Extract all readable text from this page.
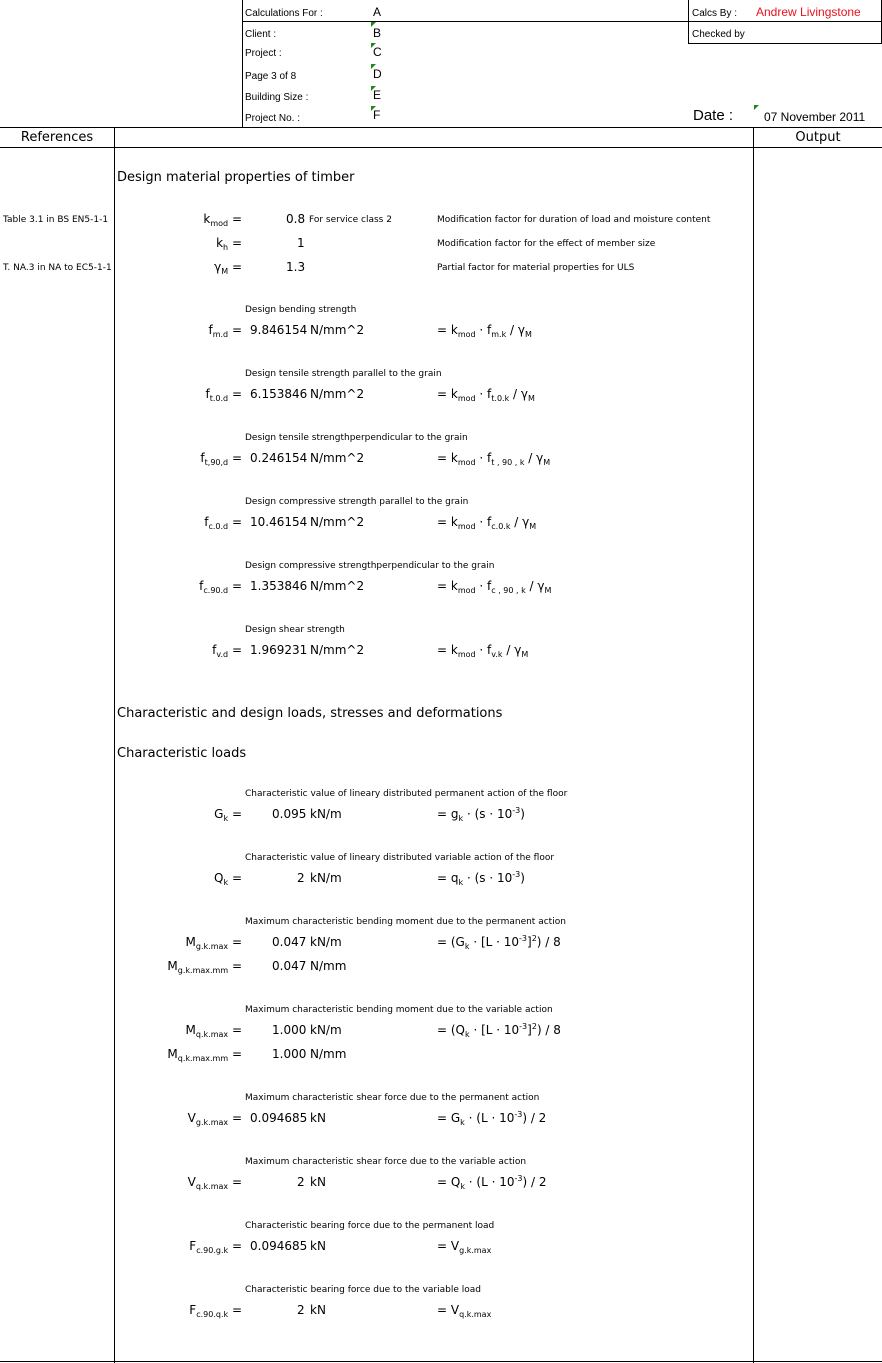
Calculations For :	A
Client :	B
Project :	C
Page 3 of 8	D
Building Size :	E
Project No. :	F
Calcs By : Andrew Livingstone
Checked by
Date :	07 November 2011
References	Output
Design material properties of timber
Table 3.1 in BS EN5-1-1	$k_{mod}$ =	0.8 For service class 2	Modification factor for duration of load and moisture content
$k_h$ =	1	Modification factor for the effect of member size
T. NA.3 in NA to EC5-1-1	$\gamma_M$ =	1.3	Partial factor for material properties for ULS
Design bending strength
$f_{m.d} = 9.846154$ N/mm^2	= $k_{mod} \cdot f_{m.k} / \gamma_M$
Design tensile strength parallel to the grain
$f_{t.0.d} = 6.153846$ N/mm^2	= $k_{mod} \cdot f_{t.0.k} / \gamma_M$
Design tensile strengthperpendicular to the grain
$f_{t,90,d} = 0.246154$ N/mm^2	= $k_{mod} \cdot f_{t , 90 , k} / \gamma_M$
Design compressive strength parallel to the grain
$f_{c.0.d} = 10.46154$ N/mm^2	= $k_{mod} \cdot f_{c.0.k} / \gamma_M$
Design compressive strengthperpendicular to the grain
$f_{c.90.d} = 1.353846$ N/mm^2	= $k_{mod} \cdot f_{c , 90 , k} / \gamma_M$
Design shear strength
$f_{v.d} = 1.969231$ N/mm^2	= $k_{mod} \cdot f_{v.k} / \gamma_M$
Characteristic and design loads, stresses and deformations
Characteristic loads
Characteristic value of lineary distributed permanent action of the floor
$G_k$ =	0.095 kN/m	= $g_k \cdot (s \cdot 10^{-3})$
Characteristic value of lineary distributed variable action of the floor
$Q_k$ =	2 kN/m	= $q_k \cdot (s \cdot 10^{-3})$
Maximum characteristic bending moment due to the permanent action
$M_{g.k.max}$ =	0.047 kN/m	= $(G_k \cdot [L \cdot 10^{-3}]^2) / 8$
$M_{g.k.max.mm}$ =	0.047 N/mm
Maximum characteristic bending moment due to the variable action
$M_{q.k.max}$ =	1.000 kN/m	= $(Q_k \cdot [L \cdot 10^{-3}]^2) / 8$
$M_{q.k.max.mm}$ =	1.000 N/mm
Maximum characteristic shear force due to the permanent action
$V_{g.k.max} = 0.094685$ kN	= $G_k \cdot (L \cdot 10^{-3}) / 2$
Maximum characteristic shear force due to the variable action
$V_{q.k.max}$ =	2 kN	= $Q_k \cdot (L \cdot 10^{-3}) / 2$
Characteristic bearing force due to the permanent load
$F_{c.90.g.k} = 0.094685$ kN	= $V_{g.k.max}$
Characteristic bearing force due to the variable load
$F_{c.90.q.k}$ =	2 kN	= $V_{q.k.max}$
